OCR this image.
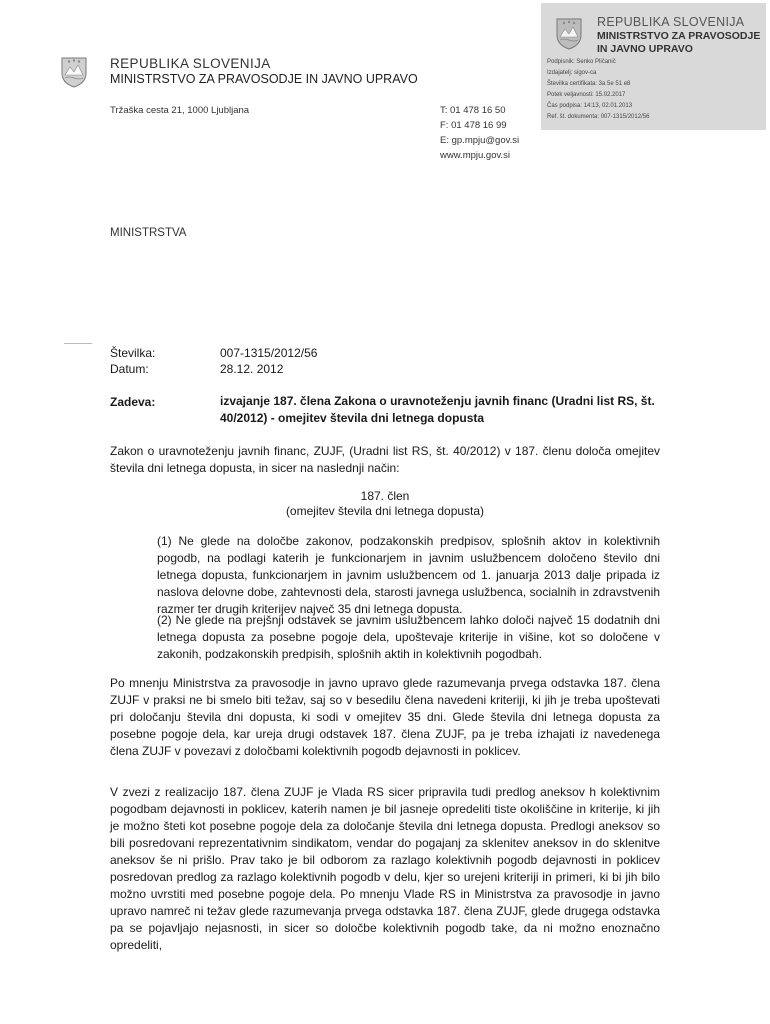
REPUBLIKA SLOVENIJA
MINISTRSTVO ZA PRAVOSODJE
IN JAVNO UPRAVO
Podpisnik: Senko Pličanič
Izdajatelj: sigov-ca
Številka certifikata: 3a 5e 51 e8
Potek veljavnosti: 15.02.2017
Čas podpisa: 14:13, 02.01.2013
Ref. št. dokumenta: 007-1315/2012/56
REPUBLIKA SLOVENIJA
MINISTRSTVO ZA PRAVOSODJE IN JAVNO UPRAVO
Tržaška cesta 21, 1000 Ljubljana	T: 01 478 16 50
F: 01 478 16 99
E: gp.mpju@gov.si
www.mpju.gov.si
MINISTRSTVA
Številka:	007-1315/2012/56
Datum:	28.12. 2012
Zadeva:	izvajanje 187. člena Zakona o uravnoteženju javnih financ (Uradni list RS, št. 40/2012) - omejitev števila dni letnega dopusta
Zakon o uravnoteženju javnih financ, ZUJF, (Uradni list RS, št. 40/2012) v 187. členu določa omejitev števila dni letnega dopusta, in sicer na naslednji način:
187. člen
(omejitev števila dni letnega dopusta)
(1) Ne glede na določbe zakonov, podzakonskih predpisov, splošnih aktov in kolektivnih pogodb, na podlagi katerih je funkcionarjem in javnim uslužbencem določeno število dni letnega dopusta, funkcionarjem in javnim uslužbencem od 1. januarja 2013 dalje pripada iz naslova delovne dobe, zahtevnosti dela, starosti javnega uslužbenca, socialnih in zdravstvenih razmer ter drugih kriterijev največ 35 dni letnega dopusta.
(2) Ne glede na prejšnji odstavek se javnim uslužbencem lahko določi največ 15 dodatnih dni letnega dopusta za posebne pogoje dela, upoštevaje kriterije in višine, kot so določene v zakonih, podzakonskih predpisih, splošnih aktih in kolektivnih pogodbah.
Po mnenju Ministrstva za pravosodje in javno upravo glede razumevanja prvega odstavka 187. člena ZUJF v praksi ne bi smelo biti težav, saj so v besedilu člena navedeni kriteriji, ki jih je treba upoštevati pri določanju števila dni dopusta, ki sodi v omejitev 35 dni. Glede števila dni letnega dopusta za posebne pogoje dela, kar ureja drugi odstavek 187. člena ZUJF, pa je treba izhajati iz navedenega člena ZUJF v povezavi z določbami kolektivnih pogodb dejavnosti in poklicev.
V zvezi z realizacijo 187. člena ZUJF je Vlada RS sicer pripravila tudi predlog aneksov h kolektivnim pogodbam dejavnosti in poklicev, katerih namen je bil jasneje opredeliti tiste okoliščine in kriterije, ki jih je možno šteti kot posebne pogoje dela za določanje števila dni letnega dopusta. Predlogi aneksov so bili posredovani reprezentativnim sindikatom, vendar do pogajanj za sklenitev aneksov in do sklenitve aneksov še ni prišlo. Prav tako je bil odborom za razlago kolektivnih pogodb dejavnosti in poklicev posredovan predlog za razlago kolektivnih pogodb v delu, kjer so urejeni kriteriji in primeri, ki bi jih bilo možno uvrstiti med posebne pogoje dela. Po mnenju Vlade RS in Ministrstva za pravosodje in javno upravo namreč ni težav glede razumevanja prvega odstavka 187. člena ZUJF, glede drugega odstavka pa se pojavljajo nejasnosti, in sicer so določbe kolektivnih pogodb take, da ni možno enoznačno opredeliti,
